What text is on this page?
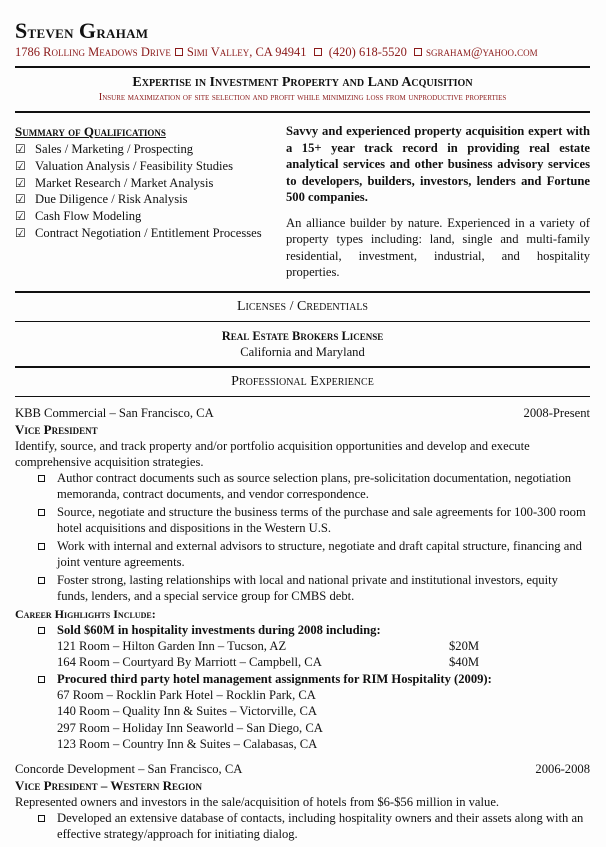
Steven Graham
1786 Rolling Meadows Drive Simi Valley, CA 94941 (420) 618-5520 sgraham@yahoo.com
Expertise in Investment Property and Land Acquisition
Insure maximization of site selection and profit while minimizing loss from unproductive properties
Summary of Qualifications
☑ Sales / Marketing / Prospecting
☑ Valuation Analysis / Feasibility Studies
☑ Market Research / Market Analysis
☑ Due Diligence / Risk Analysis
☑ Cash Flow Modeling
☑ Contract Negotiation / Entitlement Processes
Savvy and experienced property acquisition expert with a 15+ year track record in providing real estate analytical services and other business advisory services to developers, builders, investors, lenders and Fortune 500 companies.
An alliance builder by nature. Experienced in a variety of property types including: land, single and multi-family residential, investment, industrial, and hospitality properties.
Licenses / Credentials
Real Estate Brokers License
California and Maryland
Professional Experience
KBB Commercial – San Francisco, CA	2008-Present
Vice President
Identify, source, and track property and/or portfolio acquisition opportunities and develop and execute comprehensive acquisition strategies.
Author contract documents such as source selection plans, pre-solicitation documentation, negotiation memoranda, contract documents, and vendor correspondence.
Source, negotiate and structure the business terms of the purchase and sale agreements for 100-300 room hotel acquisitions and dispositions in the Western U.S.
Work with internal and external advisors to structure, negotiate and draft capital structure, financing and joint venture agreements.
Foster strong, lasting relationships with local and national private and institutional investors, equity funds, lenders, and a special service group for CMBS debt.
Career Highlights Include:
Sold $60M in hospitality investments during 2008 including:
121 Room – Hilton Garden Inn – Tucson, AZ	$20M
164 Room – Courtyard By Marriott – Campbell, CA	$40M
Procured third party hotel management assignments for RIM Hospitality (2009):
67 Room – Rocklin Park Hotel – Rocklin Park, CA
140 Room – Quality Inn & Suites – Victorville, CA
297 Room – Holiday Inn Seaworld – San Diego, CA
123 Room – Country Inn & Suites – Calabasas, CA
Concorde Development – San Francisco, CA	2006-2008
Vice President – Western Region
Represented owners and investors in the sale/acquisition of hotels from $6-$56 million in value.
Developed an extensive database of contacts, including hospitality owners and their assets along with an effective strategy/approach for initiating dialog.
